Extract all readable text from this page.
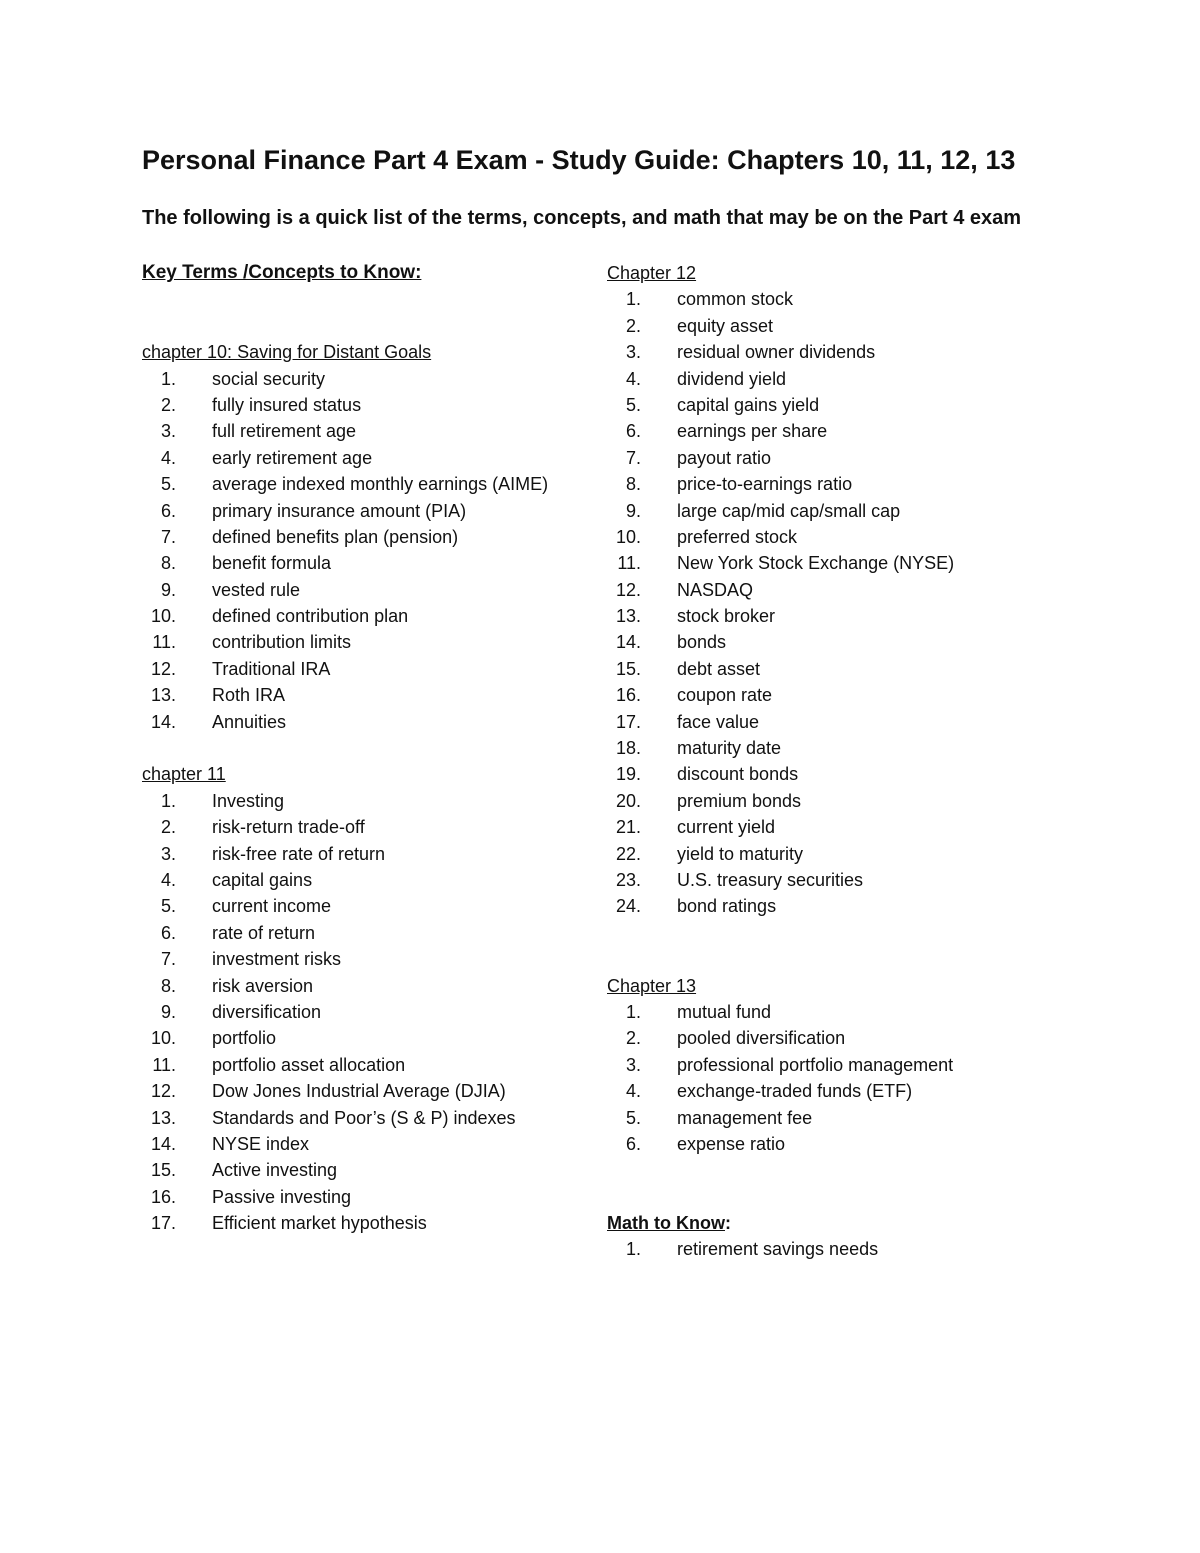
Personal Finance Part 4 Exam - Study Guide: Chapters 10, 11, 12, 13

The following is a quick list of the terms, concepts, and math that may be on the Part 4 exam

Key Terms /Concepts to Know:
chapter 10: Saving for Distant Goals
1.	social security
2.	fully insured status
3.	full retirement age
4.	early retirement age
5.	average indexed monthly earnings (AIME)
6.	primary insurance amount (PIA)
7.	defined benefits plan (pension)
8.	benefit formula
9.	vested rule
10.	defined contribution plan
11.	contribution limits
12.	Traditional IRA
13.	Roth IRA
14.	Annuities
chapter 11
1.	Investing
2.	risk-return trade-off
3.	risk-free rate of return
4.	capital gains
5.	current income
6.	rate of return
7.	investment risks
8.	risk aversion
9.	diversification
10.	portfolio
11.	portfolio asset allocation
12.	Dow Jones Industrial Average (DJIA)
13.	Standards and Poor’s (S & P) indexes
14.	NYSE index
15.	Active investing
16.	Passive investing
17.	Efficient market hypothesis
Chapter 12
1.	common stock
2.	equity asset
3.	residual owner dividends
4.	dividend yield
5.	capital gains yield
6.	earnings per share
7.	payout ratio
8.	price-to-earnings ratio
9.	large cap/mid cap/small cap
10.	preferred stock
11.	New York Stock Exchange (NYSE)
12.	NASDAQ
13.	stock broker
14.	bonds
15.	debt asset
16.	coupon rate
17.	face value
18.	maturity date
19.	discount bonds
20.	premium bonds
21.	current yield
22.	yield to maturity
23.	U.S. treasury securities
24.	bond ratings
Chapter 13
1.	mutual fund
2.	pooled diversification
3.	professional portfolio management
4.	exchange-traded funds (ETF)
5.	management fee
6.	expense ratio
Math to Know:
1.	retirement savings needs
